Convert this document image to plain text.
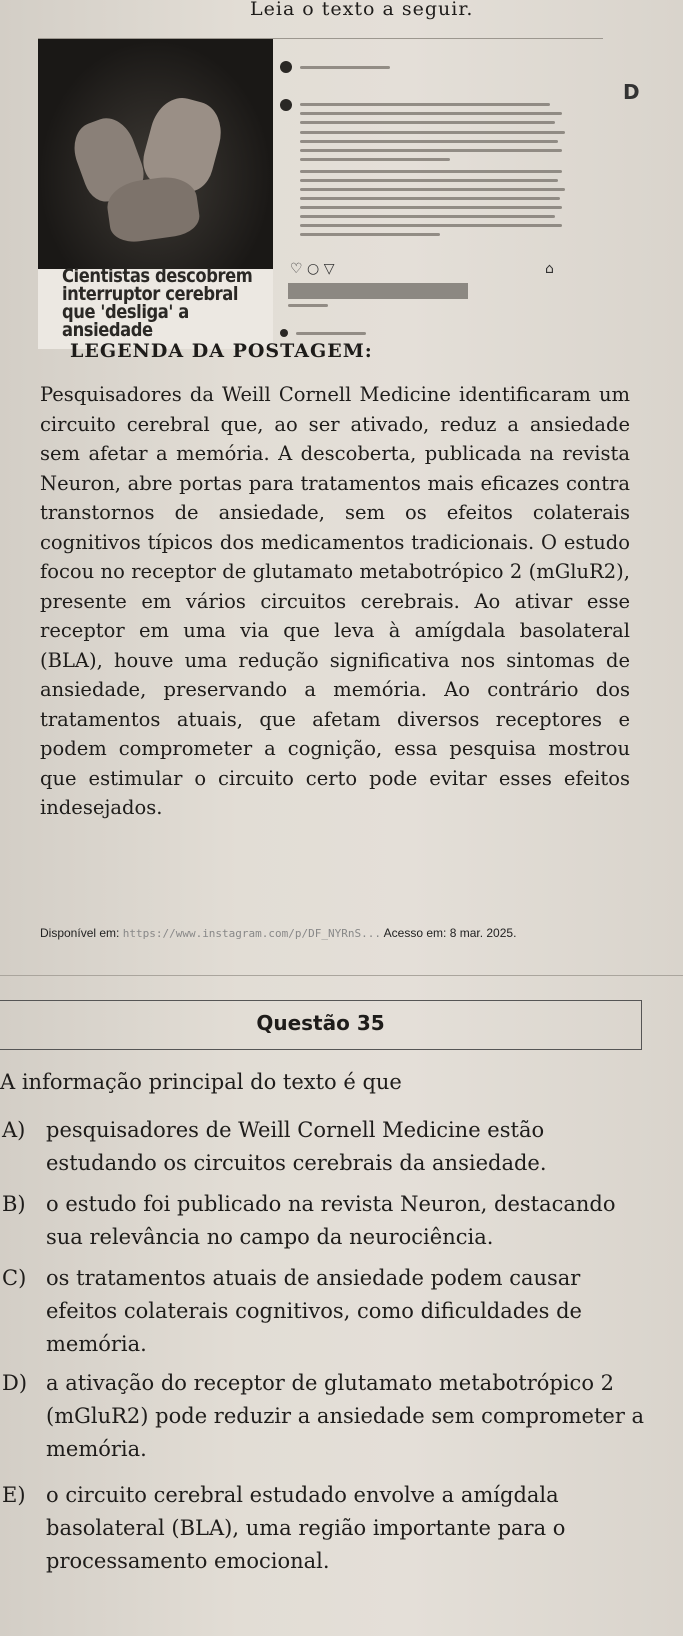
Leia o texto a seguir.
Cientistas descobrem interruptor cerebral que 'desliga' a ansiedade
♡ ○ ▽	⌂
D
LEGENDA DA POSTAGEM:

Pesquisadores da Weill Cornell Medicine identificaram um circuito cerebral que, ao ser ativado, reduz a ansiedade sem afetar a memória. A descoberta, publicada na revista Neuron, abre portas para tratamentos mais eficazes contra transtornos de ansiedade, sem os efeitos colaterais cognitivos típicos dos medicamentos tradicionais. O estudo focou no receptor de glutamato metabotrópico 2 (mGluR2), presente em vários circuitos cerebrais. Ao ativar esse receptor em uma via que leva à amígdala basolateral (BLA), houve uma redução significativa nos sintomas de ansiedade, preservando a memória. Ao contrário dos tratamentos atuais, que afetam diversos receptores e podem comprometer a cognição, essa pesquisa mostrou que estimular o circuito certo pode evitar esses efeitos indesejados.

Disponível em: https://www.instagram.com/p/DF_NYRnS... Acesso em: 8 mar. 2025.
Questão 35
A informação principal do texto é que
A) pesquisadores de Weill Cornell Medicine estão estudando os circuitos cerebrais da ansiedade.
B) o estudo foi publicado na revista Neuron, destacando sua relevância no campo da neurociência.
C) os tratamentos atuais de ansiedade podem causar efeitos colaterais cognitivos, como dificuldades de memória.
D) a ativação do receptor de glutamato metabotrópico 2 (mGluR2) pode reduzir a ansiedade sem comprometer a memória.
E) o circuito cerebral estudado envolve a amígdala basolateral (BLA), uma região importante para o processamento emocional.
